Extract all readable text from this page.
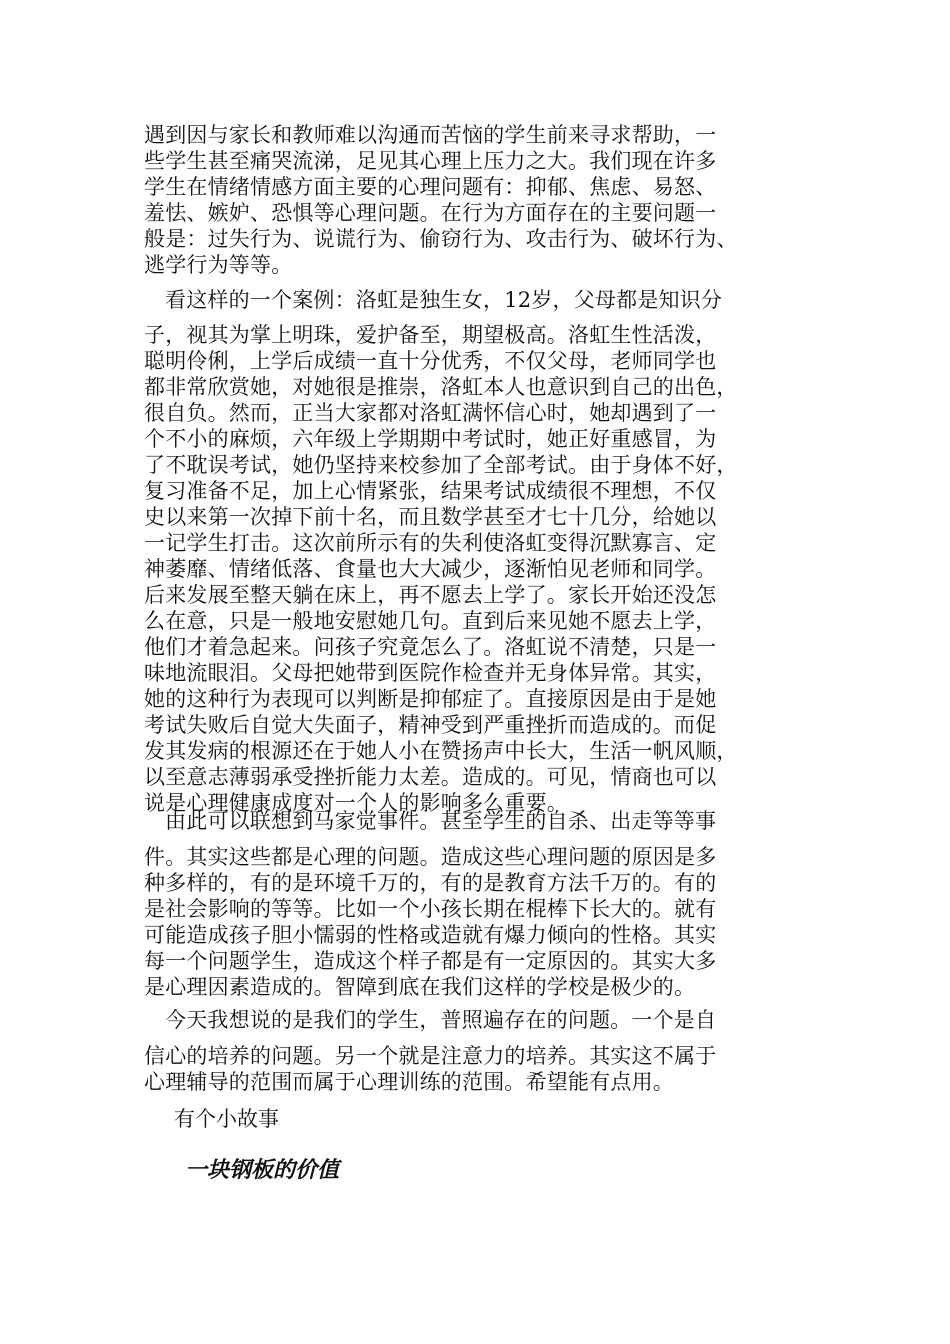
遇到因与家长和教师难以沟通而苦恼的学生前来寻求帮助，一

些学生甚至痛哭流涕，足见其心理上压力之大。我们现在许多

学生在情绪情感方面主要的心理问题有：抑郁、焦虑、易怒、

羞怯、嫉妒、恐惧等心理问题。在行为方面存在的主要问题一

般是：过失行为、说谎行为、偷窃行为、攻击行为、破坏行为、

逃学行为等等。

看这样的一个案例：洛虹是独生女，12岁，父母都是知识分

子，视其为掌上明珠，爱护备至，期望极高。洛虹生性活泼，

聪明伶俐，上学后成绩一直十分优秀，不仅父母，老师同学也

都非常欣赏她，对她很是推崇，洛虹本人也意识到自己的出色，

很自负。然而，正当大家都对洛虹满怀信心时，她却遇到了一

个不小的麻烦，六年级上学期期中考试时，她正好重感冒，为

了不耽误考试，她仍坚持来校参加了全部考试。由于身体不好，

复习准备不足，加上心情紧张，结果考试成绩很不理想，不仅

史以来第一次掉下前十名，而且数学甚至才七十几分，给她以

一记学生打击。这次前所示有的失利使洛虹变得沉默寡言、定

神萎靡、情绪低落、食量也大大减少，逐渐怕见老师和同学。

后来发展至整天躺在床上，再不愿去上学了。家长开始还没怎

么在意，只是一般地安慰她几句。直到后来见她不愿去上学，

他们才着急起来。问孩子究竟怎么了。洛虹说不清楚，只是一

味地流眼泪。父母把她带到医院作检查并无身体异常。其实，

她的这种行为表现可以判断是抑郁症了。直接原因是由于是她

考试失败后自觉大失面子，精神受到严重挫折而造成的。而促

发其发病的根源还在于她人小在赞扬声中长大，生活一帆风顺，

以至意志薄弱承受挫折能力太差。造成的。可见，情商也可以

说是心理健康成度对一个人的影响多么重要。

由此可以联想到马家觉事件。甚至学生的自杀、出走等等事

件。其实这些都是心理的问题。造成这些心理问题的原因是多

种多样的，有的是环境千万的，有的是教育方法千万的。有的

是社会影响的等等。比如一个小孩长期在棍棒下长大的。就有

可能造成孩子胆小懦弱的性格或造就有爆力倾向的性格。其实

每一个问题学生，造成这个样子都是有一定原因的。其实大多

是心理因素造成的。智障到底在我们这样的学校是极少的。

今天我想说的是我们的学生，普照遍存在的问题。一个是自

信心的培养的问题。另一个就是注意力的培养。其实这不属于

心理辅导的范围而属于心理训练的范围。希望能有点用。

有个小故事

一块钢板的价值
